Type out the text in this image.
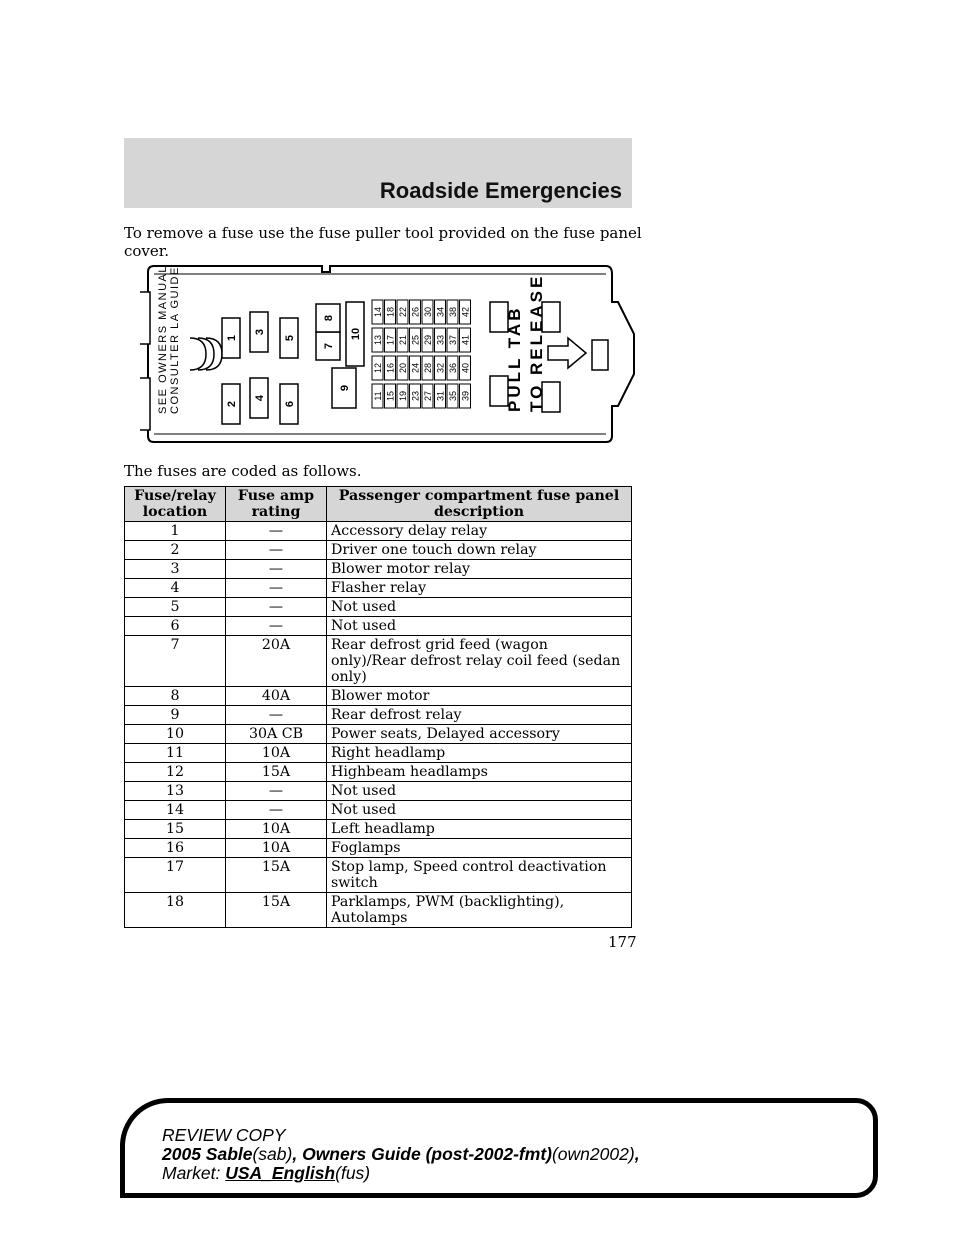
Roadside Emergencies
To remove a fuse use the fuse puller tool provided on the fuse panel cover.
SEE OWNERS MANUAL CONSULTER LA GUIDE	1
2
3
4
5
6
7
8
9
10
11
12
13
14
15
16
17
18
19
20
21
22
23
24
25
26
27
28
29
30
31
32
33
34
35
36
37
38
39
40
41
42 PULL TAB TO RELEASE
The fuses are coded as follows.
Fuse/relay location	Fuse amp rating	Passenger compartment fuse panel description
1	—	Accessory delay relay
2	—	Driver one touch down relay
3	—	Blower motor relay
4	—	Flasher relay
5	—	Not used
6	—	Not used
7	20A	Rear defrost grid feed (wagon only)/Rear defrost relay coil feed (sedan only)
8	40A	Blower motor
9	—	Rear defrost relay
10	30A CB	Power seats, Delayed accessory
11	10A	Right headlamp
12	15A	Highbeam headlamps
13	—	Not used
14	—	Not used
15	10A	Left headlamp
16	10A	Foglamps
17	15A	Stop lamp, Speed control deactivation switch
18	15A	Parklamps, PWM (backlighting), Autolamps
177
REVIEW COPY
2005 Sable(sab), Owners Guide (post-2002-fmt)(own2002),
Market: USA_English(fus)
